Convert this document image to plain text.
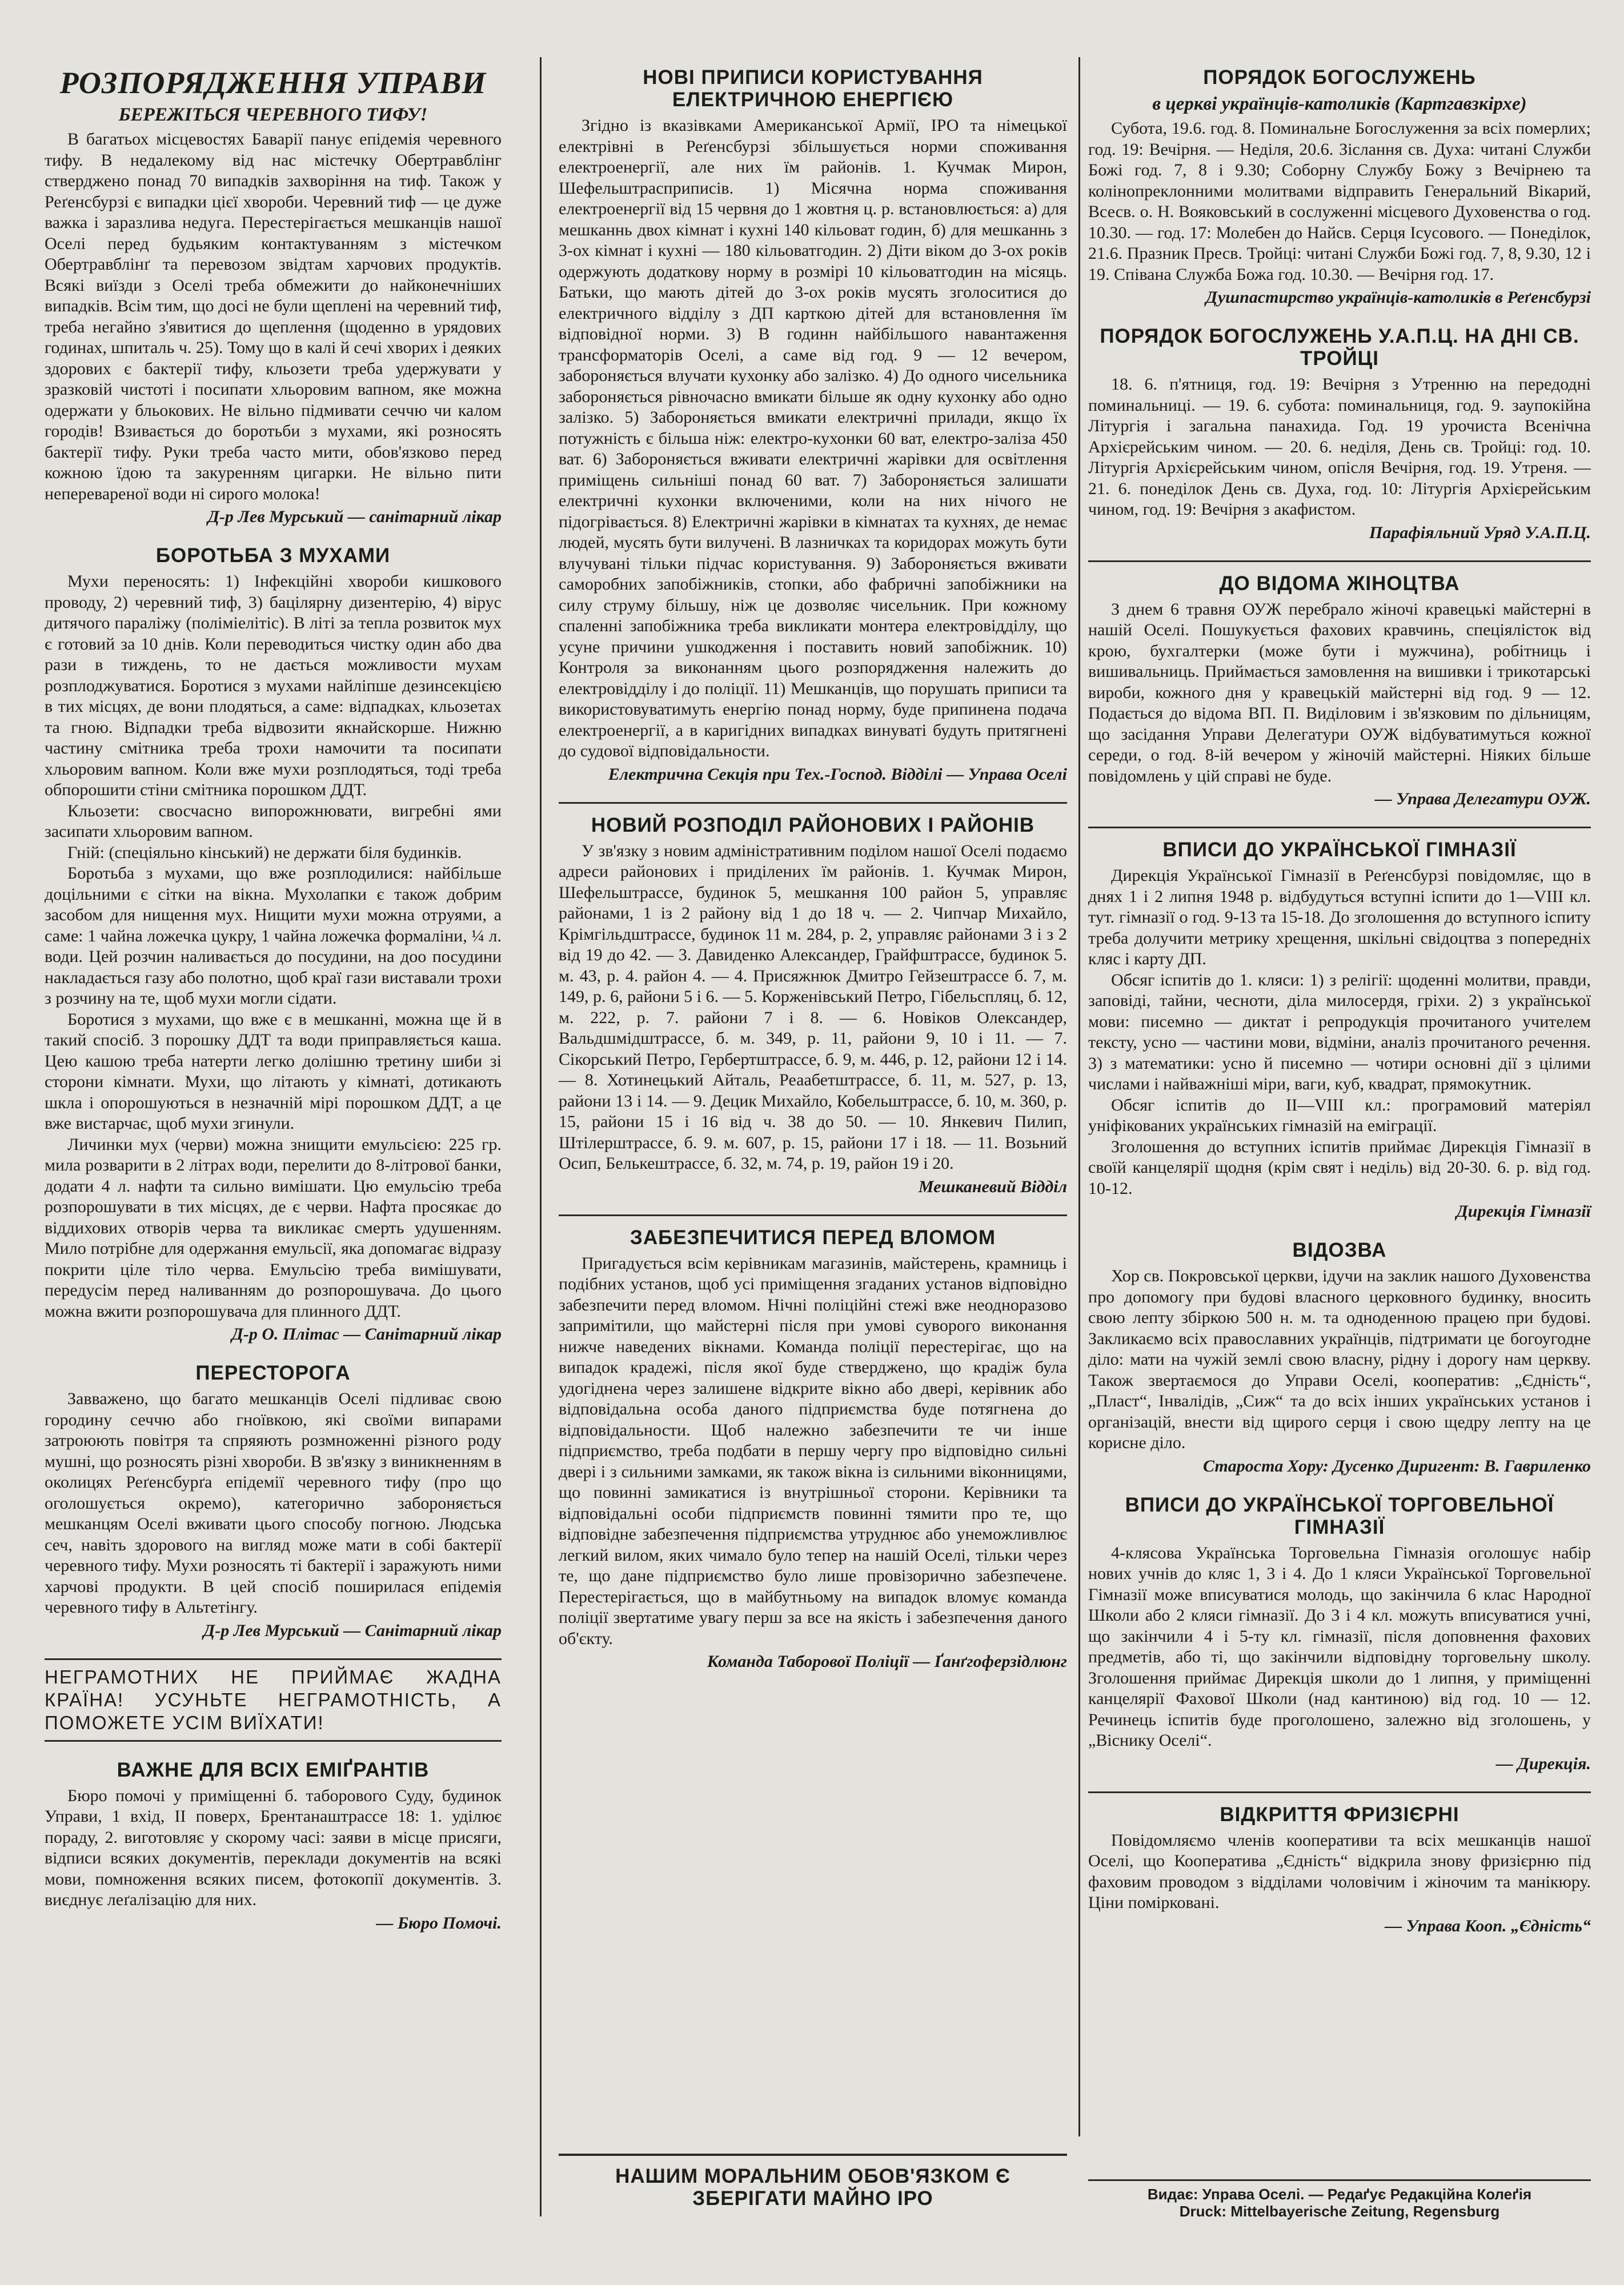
РОЗПОРЯДЖЕННЯ УПРАВИ
БЕРЕЖІТЬСЯ ЧЕРЕВНОГО ТИФУ!

В багатьох місцевостях Баварії панує епідемія черевного тифу. В недалекому від нас містечку Обертравблінг стверджено понад 70 випадків захворіння на тиф. Також у Реґенсбурзі є випадки цієї хвороби. Черевний тиф — це дуже важка і заразлива недуга. Перестерігається мешканців нашої Оселі перед будьяким контактуванням з містечком Обертравблінґ та перевозом звідтам харчових продуктів. Всякі виїзди з Оселі треба обмежити до найконечніших випадків. Всім тим, що досі не були щеплені на черевний тиф, треба негайно з'явитися до щеплення (щоденно в урядових годинах, шпиталь ч. 25). Тому що в калі й сечі хворих і деяких здорових є бактерії тифу, кльозети треба удержувати у зразковій чистоті і посипати хльоровим вапном, яке можна одержати у бльокових. Не вільно підмивати сеччю чи калом городів! Взивається до боротьби з мухами, які розносять бактерії тифу. Руки треба часто мити, обов'язково перед кожною їдою та закуренням цигарки. Не вільно пити неперевареної води ні сирого молока!

Д-р Лев Мурський — санітарний лікар
БОРОТЬБА З МУХАМИ

Мухи переносять: 1) Інфекційні хвороби кишкового проводу, 2) черевний тиф, 3) бацілярну дизентерію, 4) вірус дитячого паралiжу (поліміелітіс). В літі за тепла розвиток мух є готовий за 10 днів. Коли переводиться чистку один або два рази в тиждень, то не дається можливости мухам розплоджуватися. Боротися з мухами найліпше дезинсекцією в тих місцях, де вони плодяться, а саме: відпадках, кльозетах та гною. Відпадки треба відвозити якнайскорше. Нижню частину смітника треба трохи намочити та посипати хльоровим вапном. Коли вже мухи розплодяться, тоді треба обпорошити стіни смітника порошком ДДТ.

Кльозети: свосчасно випорожнювати, вигребні ями засипати хльоровим вапном.

Гній: (спеціяльно кінський) не держати біля будинків.

Боротьба з мухами, що вже розплодилися: найбільше доцільними є сітки на вікна. Мухолапки є також добрим засобом для нищення мух. Нищити мухи можна отруями, а саме: 1 чайна ложечка цукру, 1 чайна ложечка формаліни, ¼ л. води. Цей розчин наливається до посудини, на доо посудини накладається газу або полотно, щоб краї гази виставали трохи з розчину на те, щоб мухи могли сідати.

Боротися з мухами, що вже є в мешканні, можна ще й в такий спосіб. З порошку ДДТ та води приправляється каша. Цею кашою треба натерти легко долішню третину шиби зі сторони кімнати. Мухи, що літають у кімнаті, дотикають шкла і опорошуються в незначній мірі порошком ДДТ, а це вже вистарчає, щоб мухи згинули.

Личинки мух (черви) можна знищити емульсією: 225 гр. мила розварити в 2 літрах води, перелити до 8-літрової банки, додати 4 л. нафти та сильно вимішати. Цю емульсію треба розпорошувати в тих місцях, де є черви. Нафта просякає до віддихових отворів черва та викликає смерть удушенням. Мило потрібне для одержання емульсії, яка допомагає відразу покрити ціле тіло черва. Емульсію треба вимішувати, передусім перед наливанням до розпорошувача. До цього можна вжити розпорошувача для плинного ДДТ.

Д-р О. Плітас — Санітарний лікар
ПЕРЕСТОРОГА

Завважено, що багато мешканців Оселі підливає свою городину сеччю або гноївкою, які своїми випарами затроюють повітря та спряяють розмноженні різного роду мушні, що розносять різні хвороби. В зв'язку з виникненням в околицях Реґенсбурґа епідемії черевного тифу (про що оголошується окремо), категорично забороняється мешканцям Оселі вживати цього способу погною. Людська сеч, навіть здорового на вигляд може мати в собі бактерії черевного тифу. Мухи розносять ті бактерії і заражують ними харчові продукти. В цей спосіб поширилася епідемія черевного тифу в Альтетінгу.

Д-р Лев Мурський — Санітарний лікар
НЕГРАМОТНИХ НЕ ПРИЙМАЄ ЖАДНА КРАЇНА! УСУНЬТЕ НЕГРАМОТНІСТЬ, А ПОМОЖЕТЕ УСІМ ВИЇХАТИ!
ВАЖНЕ ДЛЯ ВСІХ ЕМІҐРАНТІВ

Бюро помочі у приміщенні б. таборового Суду, будинок Управи, 1 вхід, II поверх, Брентанаштрассе 18: 1. уділює пораду, 2. виготовляє у скорому часі: заяви в місце присяги, відписи всяких документів, переклади документів на всякі мови, помноження всяких писем, фотокопії документів. 3. виєднує леґалізацію для них.

— Бюро Помочі.
НОВІ ПРИПИСИ КОРИСТУВАННЯ ЕЛЕКТРИЧНОЮ ЕНЕРГІЄЮ

Згідно із вказівками Американської Армії, ІРО та німецької електрівні в Реґенсбурзі збільшується норми споживання електроенергії, але них їм районів. 1. Кучмак Мирон, Шефельштрасприписів. 1) Місячна норма споживання електроенергії від 15 червня до 1 жовтня ц. р. встановлюється: а) для мешканнь двох кімнат і кухні 140 кільоват годин, б) для мешканнь з 3-ох кімнат і кухні — 180 кільоватгодин. 2) Діти віком до 3-ох років одержують додаткову норму в розмірі 10 кільоватгодин на місяць. Батьки, що мають дітей до 3-ох років мусять зголоситися до електричного відділу з ДП карткою дітей для встановлення їм відповідної норми. 3) В годинн найбільшого навантаження трансформаторів Оселі, а саме від год. 9 — 12 вечером, забороняється влучати кухонку або залізко. 4) До одного чисельника забороняється рівночасно вмикати більше як одну кухонку або одно залізко. 5) Забороняється вмикати електричні прилади, якщо їх потужність є більша ніж: електро-кухонки 60 ват, електро-заліза 450 ват. 6) Забороняється вживати електричні жарівки для освітлення приміщень сильніші понад 60 ват. 7) Забороняється залишати електричні кухонки включеними, коли на них нічого не підогрівається. 8) Електричні жарівки в кімнатах та кухнях, де немає людей, мусять бути вилучені. В лазничках та коридорах можуть бути влучувані тільки підчас користування. 9) Забороняється вживати саморобних запобіжників, стопки, або фабричні запобіжники на силу струму більшу, ніж це дозволяє чисельник. При кожному спаленні запобіжника треба викликати монтера електровідділу, що усуне причини ушкодження і поставить новий запобіжник. 10) Контроля за виконанням цього розпорядження належить до електровідділу і до поліції. 11) Мешканців, що порушать приписи та використовуватимуть енергію понад норму, буде припинена подача електроенергії, а в каригідних випадках винуваті будуть притягнені до судової відповідальности.

Електрична Секція при Тех.-Господ. Відділі — Управа Оселі
НОВИЙ РОЗПОДІЛ РАЙОНОВИХ І РАЙОНІВ

У зв'язку з новим адміністративним подiлом нашої Оселі подаємо адреси районових і приділених їм районів. 1. Кучмак Мирон, Шефельштрассе, будинок 5, мешкання 100 район 5, управляє районами, 1 із 2 району від 1 до 18 ч. — 2. Чипчар Михайло, Крімгільдштрассе, будинок 11 м. 284, р. 2, управляє районами 3 і з 2 від 19 до 42. — 3. Давиденко Александер, Грайфштрассе, будинок 5. м. 43, р. 4. район 4. — 4. Присяжнюк Дмитро Гейзештрассе б. 7, м. 149, р. 6, райони 5 і 6. — 5. Корженівський Петро, Гібельспляц, б. 12, м. 222, р. 7. райони 7 і 8. — 6. Новіков Олександер, Вальдшмідштрассе, б. м. 349, р. 11, райони 9, 10 і 11. — 7. Сікорський Петро, Гербертштрассе, б. 9, м. 446, р. 12, райони 12 і 14. — 8. Хотинецький Айталь, Реаабетштрассе, б. 11, м. 527, р. 13, райони 13 і 14. — 9. Децик Михайло, Кобельштрассе, б. 10, м. 360, р. 15, райони 15 і 16 від ч. 38 до 50. — 10. Янкевич Пилип, Штілерштрассе, б. 9. м. 607, р. 15, райони 17 і 18. — 11. Возьний Осип, Белькештрассе, б. 32, м. 74, р. 19, район 19 і 20.

Мешканевий Відділ
ЗАБЕЗПЕЧИТИСЯ ПЕРЕД ВЛОМОМ

Пригадується всім керівникам магазинів, майстерень, крамниць і подібних установ, щоб усі приміщення згаданих установ відповідно забезпечити перед вломом. Нічні поліційні стежі вже неодноразово запримітили, що майстерні після при умові суворого виконання нижче наведених вікнами. Команда поліції перестерігає, що на випадок крадежі, після якої буде стверджено, що крадіж була удогіднена через залишене відкрите вікно або двері, керівник або відповідальна особа даного підприємства буде потягнена до відповідальности. Щоб належно забезпечити те чи інше підприємство, треба подбати в першу чергу про відповідно сильні двері і з сильними замками, як також вікна із сильними віконницями, що повинні замикатися із внутрішньої сторони. Керівники та відповідальні особи підприємств повинні тямити про те, що відповідне забезпечення підприємства утруднює або унеможливлює легкий вилом, яких чимало було тепер на нашій Оселі, тільки через те, що дане підприємство було лише провізорично забезпечене. Перестерігається, що в майбутньому на випадок вломує команда поліції звертатиме увагу перш за все на якість і забезпечення даного об'єкту.

Команда Таборової Поліції — Ґанґгоферзідлюнг
НАШИМ МОРАЛЬНИМ ОБОВ'ЯЗКОМ Є ЗБЕРІГАТИ МАЙНО ІРО
ПОРЯДОК БОГОСЛУЖЕНЬ
в церкві українців-католиків (Картгавзкірхе)

Субота, 19.6. год. 8. Поминальне Богослуження за всіх померлих; год. 19: Вечірня. — Неділя, 20.6. Зіслання св. Духа: читані Служби Божі год. 7, 8 і 9.30; Соборну Службу Божу з Вечірнею та колінопреклонними молитвами відправить Генеральний Вікарий, Всесв. о. Н. Вояковський в сослуженні місцевого Духовенства о год. 10.30. — год. 17: Молебен до Найсв. Серця Ісусового. — Понеділок, 21.6. Празник Пресв. Тройці: читані Служби Божі год. 7, 8, 9.30, 12 і 19. Співана Служба Божа год. 10.30. — Вечірня год. 17.

Душпастирство українців-католиків в Реґенсбурзі
ПОРЯДОК БОГОСЛУЖЕНЬ У.А.П.Ц. НА ДНІ СВ. ТРОЙЦІ

18. 6. п'ятниця, год. 19: Вечірня з Утренню на передодні поминальниці. — 19. 6. субота: поминальниця, год. 9. заупокійна Літургія і загальна панахида. Год. 19 урочиста Всенічна Архієрейським чином. — 20. 6. неділя, День св. Тройці: год. 10. Літургія Архієрейським чином, опісля Вечірня, год. 19. Утреня. — 21. 6. понеділок День св. Духа, год. 10: Літургія Архієрейським чином, год. 19: Вечірня з акафистом.

Парафіяльний Уряд У.А.П.Ц.
ДО ВІДОМА ЖІНОЦТВА

З днем 6 травня ОУЖ перебрало жіночі кравецькі майстерні в нашій Оселі. Пошукується фахових кравчинь, спеціялісток від крою, бухгалтерки (може бути і мужчина), робітниць і вишивальниць. Приймається замовлення на вишивки і трикотарські вироби, кожного дня у кравецькій майстерні від год. 9 — 12. Подається до відома ВП. П. Видiловим і зв'язковим по дiльницям, що засідання Управи Делегатури ОУЖ відбуватимуться кожної середи, о год. 8-ій вечером у жіночій майстерні. Ніяких більше повідомлень у цій справі не буде.

— Управа Делегатури ОУЖ.
ВПИСИ ДО УКРАЇНСЬКОЇ ГІМНАЗІЇ

Дирекція Української Гімназії в Реґенсбурзі повідомляє, що в днях 1 і 2 липня 1948 р. відбудуться вступні іспити до 1—VIII кл. тут. гімназії о год. 9-13 та 15-18. До зголошення до вступного іспиту треба долучити метрику хрещення, шкільні свідоцтва з попередніх кляс і карту ДП.

Обсяг іспитів до 1. кляси: 1) з релігії: щоденні молитви, правди, заповіді, тайни, чесноти, діла милосердя, гріхи. 2) з української мови: писемно — диктат і репродукція прочитаного учителем тексту, усно — частини мови, відміни, аналіз прочитаного речення. 3) з математики: усно й писемно — чотири основні дії з цілими числами і найважніші міри, ваги, куб, квадрат, прямокутник.

Обсяг іспитів до II—VIII кл.: програмовий матеріял уніфікованих українських гімназій на еміграції.

Зголошення до вступних іспитів приймає Дирекція Гімназії в своїй канцелярії щодня (крім свят і неділь) від 20-30. 6. р. від год. 10-12.

Дирекція Гімназії
ВІДОЗВА

Хор св. Покровської церкви, ідучи на заклик нашого Духовенства про допомогу при будові власного церковного будинку, вносить свою лепту збіркою 500 н. м. та одноденною працею при будові. Закликаємо всіх православних українців, підтримати це богоугодне діло: мати на чужій землі свою власну, рідну і дорогу нам церкву. Також звертаємося до Управи Оселі, кооператив: „Єдність“, „Пласт“, Інвалідів, „Сиж“ та до всіх інших українських установ і організацій, внести від щирого серця і свою щедру лепту на це корисне діло.

Староста Хору: Дусенко Диригент: В. Гавриленко
ВПИСИ ДО УКРАЇНСЬКОЇ ТОРГОВЕЛЬНОЇ ГІМНАЗІЇ

4-клясова Українська Торговельна Гімназія оголошує набір нових учнів до кляс 1, 3 і 4. До 1 кляси Української Торговельної Гімназії може вписуватися молодь, що закінчила 6 клас Народної Школи або 2 кляси гімназії. До 3 і 4 кл. можуть вписуватися учні, що закінчили 4 і 5-ту кл. гімназії, після доповнення фахових предметів, або ті, що закінчили відповідну торговельну школу. Зголошення приймає Дирекція школи до 1 липня, у приміщенні канцелярії Фахової Школи (над кантиною) від год. 10 — 12. Речинець іспитів буде проголошено, залежно від зголошень, у „Віснику Оселі“.

— Дирекція.
ВІДКРИТТЯ ФРИЗІЄРНІ

Повідомляємо членів кооперативи та всіх мешканців нашої Оселі, що Кооператива „Єдність“ відкрила знову фризієрню під фаховим проводом з віддiлами чоловічим і жіночим та манікюру. Ціни помірковані.

— Управа Кооп. „Єдність“
Видає: Управа Оселі. — Редаґує Редакційна Колеґія
Druck: Mittelbayerische Zeitung, Regensburg
